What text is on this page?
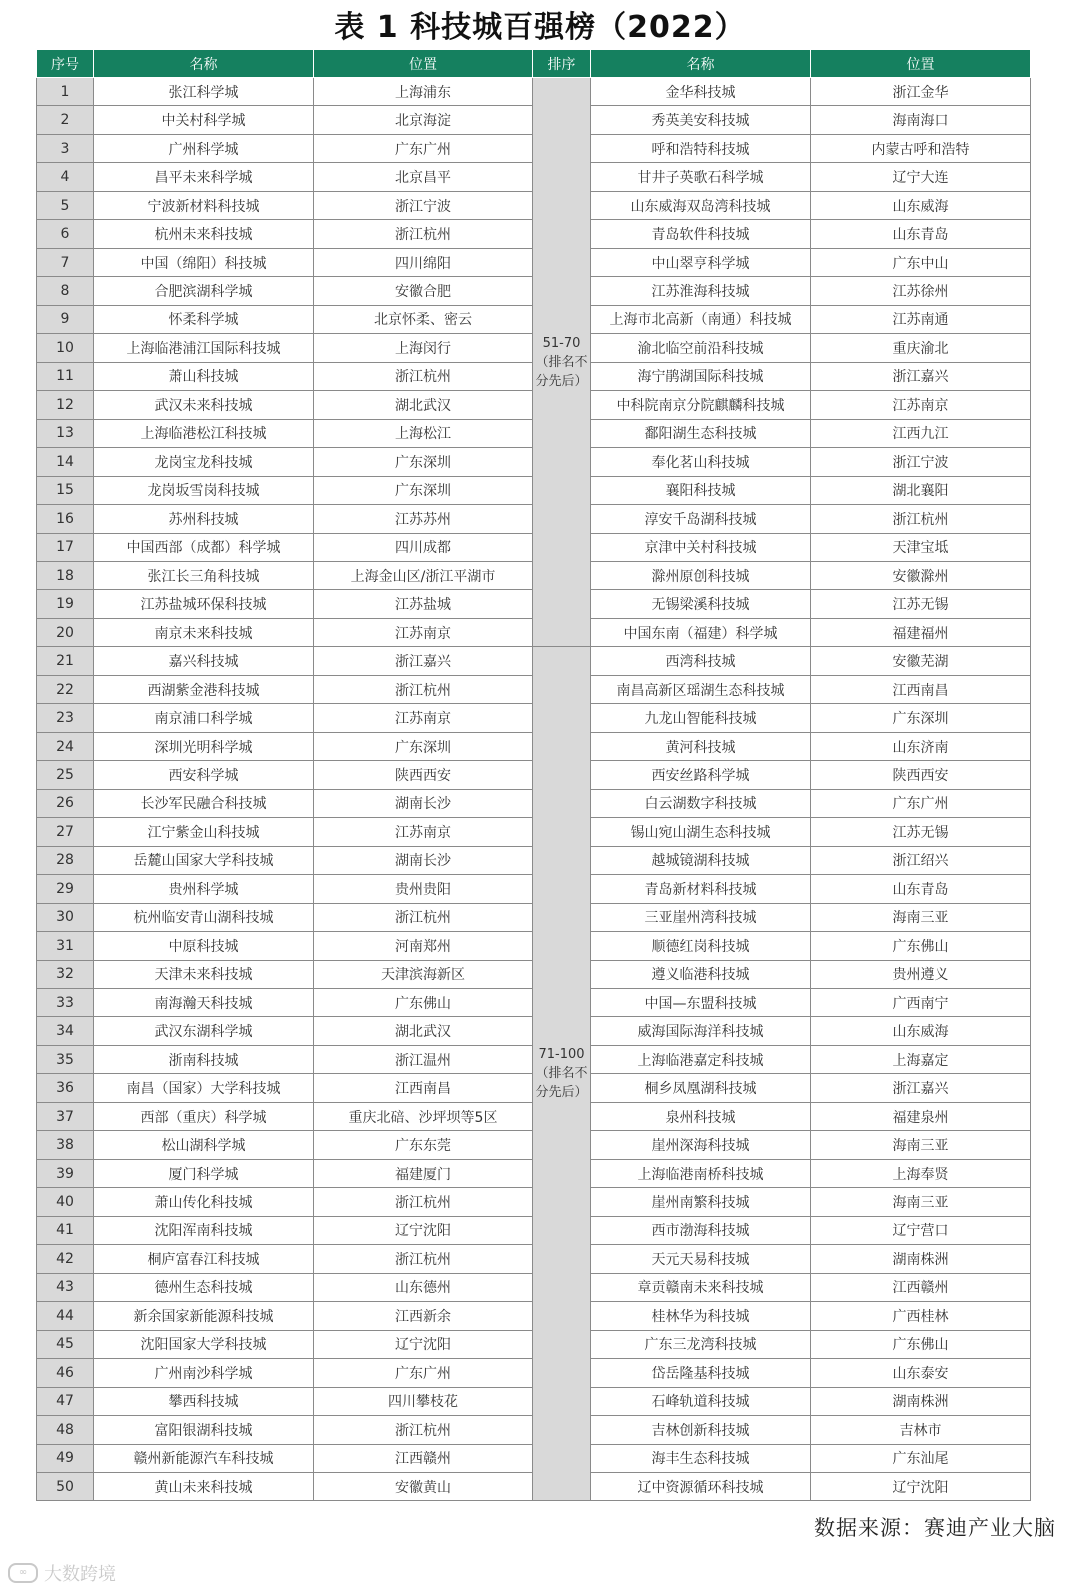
表 1 科技城百强榜（2022）
序号	名称	位置	排序	名称	位置
1	张江科学城	上海浦东	51-70（排名不分先后）	金华科技城	浙江金华
2	中关村科学城	北京海淀		秀英美安科技城	海南海口
3	广州科学城	广东广州		呼和浩特科技城	内蒙古呼和浩特
4	昌平未来科学城	北京昌平		甘井子英歌石科学城	辽宁大连
5	宁波新材料科技城	浙江宁波		山东威海双岛湾科技城	山东威海
6	杭州未来科技城	浙江杭州		青岛软件科技城	山东青岛
7	中国（绵阳）科技城	四川绵阳		中山翠亨科学城	广东中山
8	合肥滨湖科学城	安徽合肥		江苏淮海科技城	江苏徐州
9	怀柔科学城	北京怀柔、密云		上海市北高新（南通）科技城	江苏南通
10	上海临港浦江国际科技城	上海闵行		渝北临空前沿科技城	重庆渝北
11	萧山科技城	浙江杭州		海宁鹃湖国际科技城	浙江嘉兴
12	武汉未来科技城	湖北武汉		中科院南京分院麒麟科技城	江苏南京
13	上海临港松江科技城	上海松江		鄱阳湖生态科技城	江西九江
14	龙岗宝龙科技城	广东深圳		奉化茗山科技城	浙江宁波
15	龙岗坂雪岗科技城	广东深圳		襄阳科技城	湖北襄阳
16	苏州科技城	江苏苏州		淳安千岛湖科技城	浙江杭州
17	中国西部（成都）科学城	四川成都		京津中关村科技城	天津宝坻
18	张江长三角科技城	上海金山区/浙江平湖市		滁州原创科技城	安徽滁州
19	江苏盐城环保科技城	江苏盐城		无锡梁溪科技城	江苏无锡
20	南京未来科技城	江苏南京		中国东南（福建）科学城	福建福州
21	嘉兴科技城	浙江嘉兴	71-100（排名不分先后）	西湾科技城	安徽芜湖
22	西湖紫金港科技城	浙江杭州		南昌高新区瑶湖生态科技城	江西南昌
23	南京浦口科学城	江苏南京		九龙山智能科技城	广东深圳
24	深圳光明科学城	广东深圳		黄河科技城	山东济南
25	西安科学城	陕西西安		西安丝路科学城	陕西西安
26	长沙军民融合科技城	湖南长沙		白云湖数字科技城	广东广州
27	江宁紫金山科技城	江苏南京		锡山宛山湖生态科技城	江苏无锡
28	岳麓山国家大学科技城	湖南长沙		越城镜湖科技城	浙江绍兴
29	贵州科学城	贵州贵阳		青岛新材料科技城	山东青岛
30	杭州临安青山湖科技城	浙江杭州		三亚崖州湾科技城	海南三亚
31	中原科技城	河南郑州		顺德红岗科技城	广东佛山
32	天津未来科技城	天津滨海新区		遵义临港科技城	贵州遵义
33	南海瀚天科技城	广东佛山		中国—东盟科技城	广西南宁
34	武汉东湖科学城	湖北武汉		威海国际海洋科技城	山东威海
35	浙南科技城	浙江温州		上海临港嘉定科技城	上海嘉定
36	南昌（国家）大学科技城	江西南昌		桐乡凤凰湖科技城	浙江嘉兴
37	西部（重庆）科学城	重庆北碚、沙坪坝等5区		泉州科技城	福建泉州
38	松山湖科学城	广东东莞		崖州深海科技城	海南三亚
39	厦门科学城	福建厦门		上海临港南桥科技城	上海奉贤
40	萧山传化科技城	浙江杭州		崖州南繁科技城	海南三亚
41	沈阳浑南科技城	辽宁沈阳		西市渤海科技城	辽宁营口
42	桐庐富春江科技城	浙江杭州		天元天易科技城	湖南株洲
43	德州生态科技城	山东德州		章贡赣南未来科技城	江西赣州
44	新余国家新能源科技城	江西新余		桂林华为科技城	广西桂林
45	沈阳国家大学科技城	辽宁沈阳		广东三龙湾科技城	广东佛山
46	广州南沙科学城	广东广州		岱岳隆基科技城	山东泰安
47	攀西科技城	四川攀枝花		石峰轨道科技城	湖南株洲
48	富阳银湖科技城	浙江杭州		吉林创新科技城	吉林市
49	赣州新能源汽车科技城	江西赣州		海丰生态科技城	广东汕尾
50	黄山未来科技城	安徽黄山		辽中资源循环科技城	辽宁沈阳
数据来源：赛迪产业大脑
∞ 大数跨境
